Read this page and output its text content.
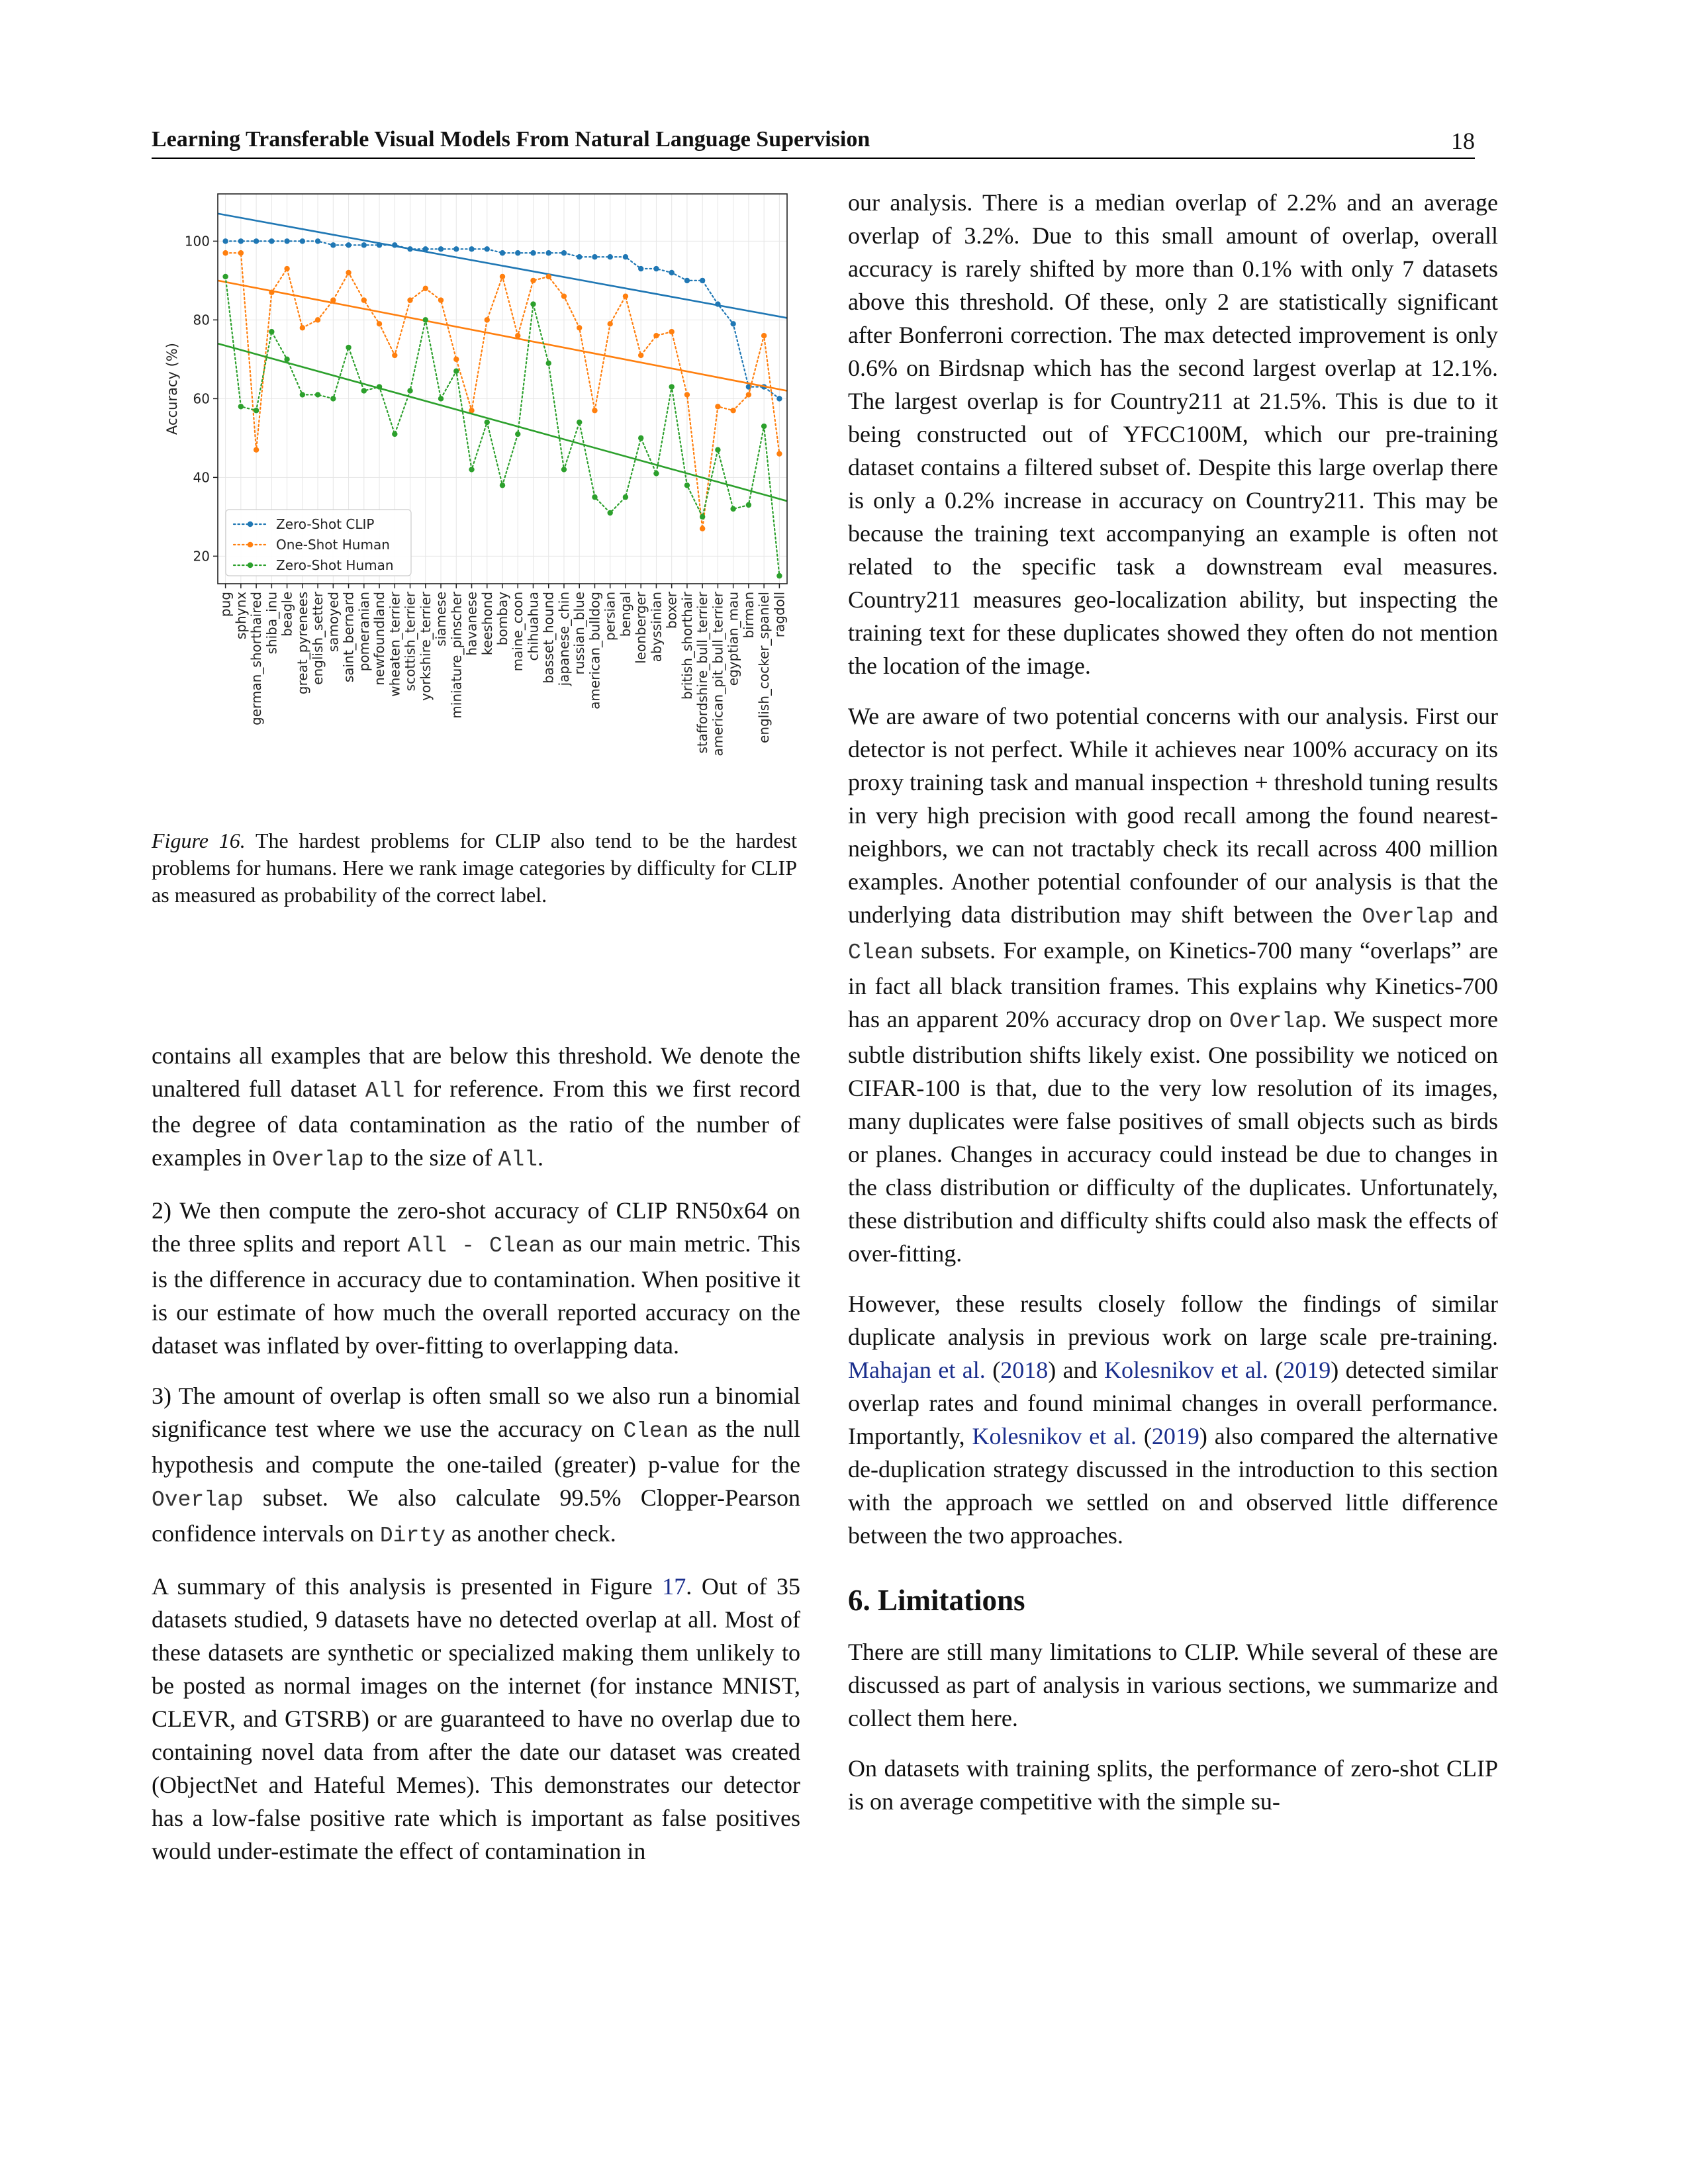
Learning Transferable Visual Models From Natural Language Supervision	18
20
40
60
80
100
Accuracy (%)
pug sphynx german_shorthaired shiba_inu beagle great_pyrenees english_setter samoyed saint_bernard pomeranian newfoundland wheaten_terrier scottish_terrier yorkshire_terrier siamese miniature_pinscher havanese keeshond bombay maine_coon chihuahua basset_hound japanese_chin russian_blue american_bulldog persian bengal leonberger abyssinian boxer british_shorthair staffordshire_bull_terrier american_pit_bull_terrier egyptian_mau birman english_cocker_spaniel ragdoll
Zero-Shot CLIP
One-Shot Human
Zero-Shot Human
Figure 16. The hardest problems for CLIP also tend to be the hardest problems for humans. Here we rank image categories by difficulty for CLIP as measured as probability of the correct label.

contains all examples that are below this threshold. We denote the unaltered full dataset All for reference. From this we first record the degree of data contamination as the ratio of the number of examples in Overlap to the size of All.

2) We then compute the zero-shot accuracy of CLIP RN50x64 on the three splits and report All - Clean as our main metric. This is the difference in accuracy due to contamination. When positive it is our estimate of how much the overall reported accuracy on the dataset was inflated by over-fitting to overlapping data.

3) The amount of overlap is often small so we also run a binomial significance test where we use the accuracy on Clean as the null hypothesis and compute the one-tailed (greater) p-value for the Overlap subset. We also calculate 99.5% Clopper-Pearson confidence intervals on Dirty as another check.

A summary of this analysis is presented in Figure 17. Out of 35 datasets studied, 9 datasets have no detected overlap at all. Most of these datasets are synthetic or specialized making them unlikely to be posted as normal images on the internet (for instance MNIST, CLEVR, and GTSRB) or are guaranteed to have no overlap due to containing novel data from after the date our dataset was created (ObjectNet and Hateful Memes). This demonstrates our detector has a low-false positive rate which is important as false positives would under-estimate the effect of contamination in

our analysis. There is a median overlap of 2.2% and an average overlap of 3.2%. Due to this small amount of overlap, overall accuracy is rarely shifted by more than 0.1% with only 7 datasets above this threshold. Of these, only 2 are statistically significant after Bonferroni correction. The max detected improvement is only 0.6% on Birdsnap which has the second largest overlap at 12.1%. The largest overlap is for Country211 at 21.5%. This is due to it being constructed out of YFCC100M, which our pre-training dataset contains a filtered subset of. Despite this large overlap there is only a 0.2% increase in accuracy on Country211. This may be because the training text accompanying an example is often not related to the specific task a downstream eval measures. Country211 measures geo-localization ability, but inspecting the training text for these duplicates showed they often do not mention the location of the image.

We are aware of two potential concerns with our analysis. First our detector is not perfect. While it achieves near 100% accuracy on its proxy training task and manual inspection + threshold tuning results in very high precision with good recall among the found nearest-neighbors, we can not tractably check its recall across 400 million examples. Another potential confounder of our analysis is that the underlying data distribution may shift between the Overlap and Clean subsets. For example, on Kinetics-700 many “overlaps” are in fact all black transition frames. This explains why Kinetics-700 has an apparent 20% accuracy drop on Overlap. We suspect more subtle distribution shifts likely exist. One possibility we noticed on CIFAR-100 is that, due to the very low resolution of its images, many duplicates were false positives of small objects such as birds or planes. Changes in accuracy could instead be due to changes in the class distribution or difficulty of the duplicates. Unfortunately, these distribution and difficulty shifts could also mask the effects of over-fitting.

However, these results closely follow the findings of similar duplicate analysis in previous work on large scale pre-training. Mahajan et al. (2018) and Kolesnikov et al. (2019) detected similar overlap rates and found minimal changes in overall performance. Importantly, Kolesnikov et al. (2019) also compared the alternative de-duplication strategy discussed in the introduction to this section with the approach we settled on and observed little difference between the two approaches.

6. Limitations

There are still many limitations to CLIP. While several of these are discussed as part of analysis in various sections, we summarize and collect them here.

On datasets with training splits, the performance of zero-shot CLIP is on average competitive with the simple su-
